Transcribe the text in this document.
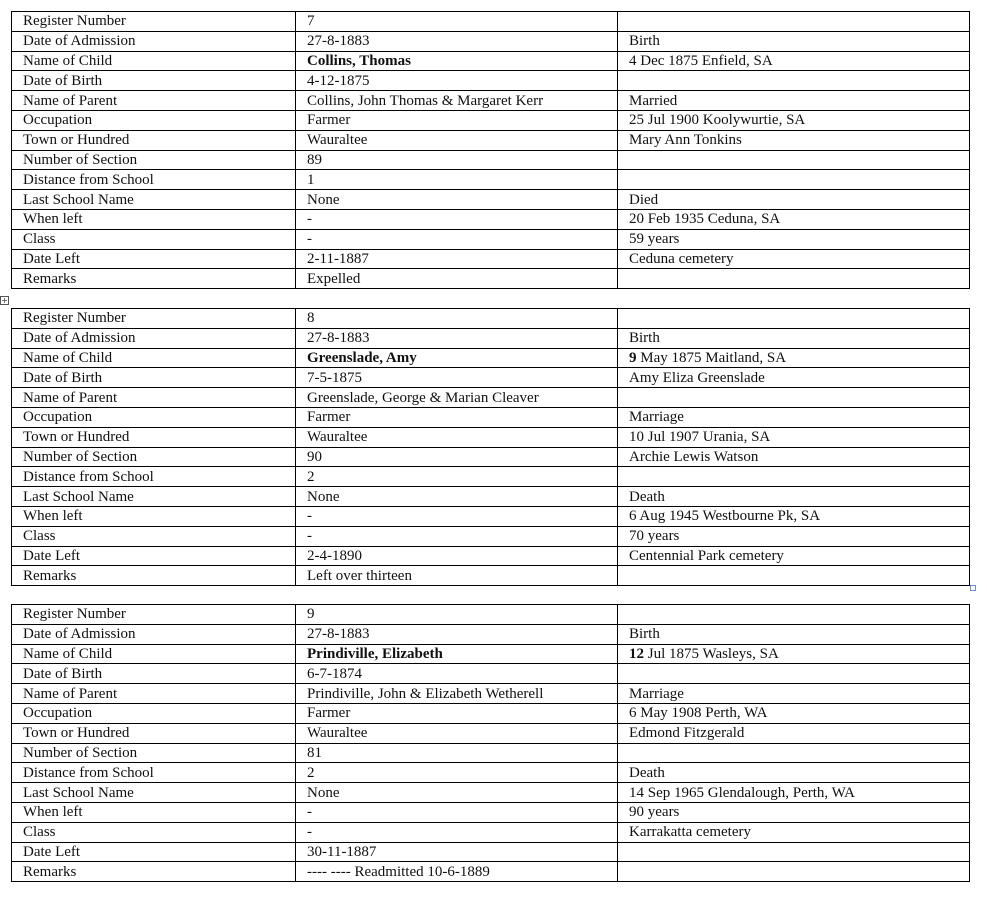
+
Register Number	7	
Date of Admission	27-8-1883	Birth
Name of Child	Collins, Thomas	4 Dec 1875 Enfield, SA
Date of Birth	4-12-1875	
Name of Parent	Collins, John Thomas & Margaret Kerr	Married
Occupation	Farmer	25 Jul 1900 Koolywurtie, SA
Town or Hundred	Wauraltee	Mary Ann Tonkins
Number of Section	89	
Distance from School	1	
Last School Name	None	Died
When left	-	20 Feb 1935 Ceduna, SA
Class	-	59 years
Date Left	2-11-1887	Ceduna cemetery
Remarks	Expelled	
Register Number	8	
Date of Admission	27-8-1883	Birth
Name of Child	Greenslade, Amy	9 May 1875 Maitland, SA
Date of Birth	7-5-1875	Amy Eliza Greenslade
Name of Parent	Greenslade, George & Marian Cleaver	
Occupation	Farmer	Marriage
Town or Hundred	Wauraltee	10 Jul 1907 Urania, SA
Number of Section	90	Archie Lewis Watson
Distance from School	2	
Last School Name	None	Death
When left	-	6 Aug 1945 Westbourne Pk, SA
Class	-	70 years
Date Left	2-4-1890	Centennial Park cemetery
Remarks	Left over thirteen	
Register Number	9	
Date of Admission	27-8-1883	Birth
Name of Child	Prindiville, Elizabeth	12 Jul 1875 Wasleys, SA
Date of Birth	6-7-1874	
Name of Parent	Prindiville, John & Elizabeth Wetherell	Marriage
Occupation	Farmer	6 May 1908 Perth, WA
Town or Hundred	Wauraltee	Edmond Fitzgerald
Number of Section	81	
Distance from School	2	Death
Last School Name	None	14 Sep 1965 Glendalough, Perth, WA
When left	-	90 years
Class	-	Karrakatta cemetery
Date Left	30-11-1887	
Remarks	---- ---- Readmitted 10-6-1889	
